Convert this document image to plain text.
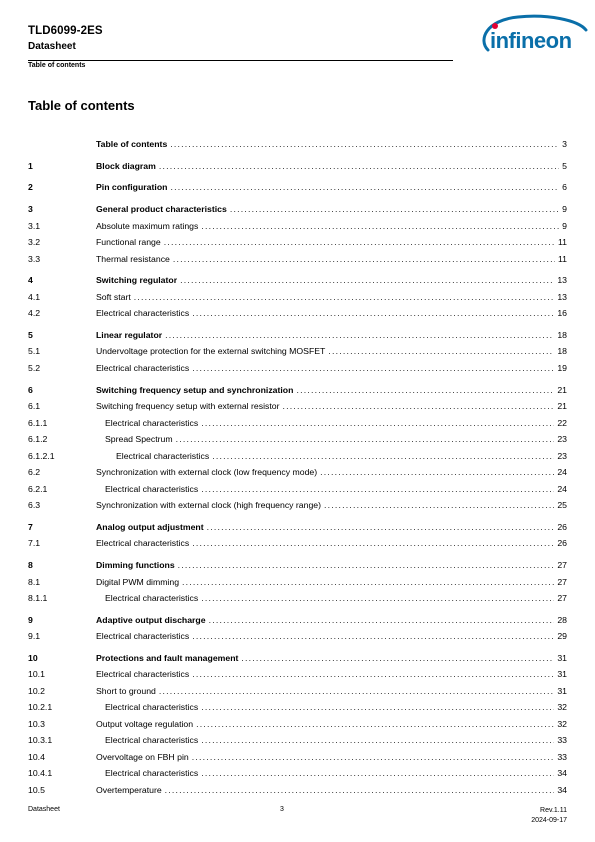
TLD6099-2ES
Datasheet
Table of contents
infineon
Table of contents
Table of contents . . .	3
1	Block diagram . . .	5
2	Pin configuration . . .	6
3	General product characteristics . . .	9
3.1	Absolute maximum ratings . . .	9
3.2	Functional range . . .	11
3.3	Thermal resistance . . .	11
4	Switching regulator . . .	13
4.1	Soft start . . .	13
4.2	Electrical characteristics . . .	16
5	Linear regulator . . .	18
5.1	Undervoltage protection for the external switching MOSFET . . .	18
5.2	Electrical characteristics . . .	19
6	Switching frequency setup and synchronization . . .	21
6.1	Switching frequency setup with external resistor . . .	21
6.1.1	Electrical characteristics . . .	22
6.1.2	Spread Spectrum . . .	23
6.1.2.1	Electrical characteristics . . .	23
6.2	Synchronization with external clock (low frequency mode) . . .	24
6.2.1	Electrical characteristics . . .	24
6.3	Synchronization with external clock (high frequency range) . . .	25
7	Analog output adjustment . . .	26
7.1	Electrical characteristics . . .	26
8	Dimming functions . . .	27
8.1	Digital PWM dimming . . .	27
8.1.1	Electrical characteristics . . .	27
9	Adaptive output discharge . . .	28
9.1	Electrical characteristics . . .	29
10	Protections and fault management . . .	31
10.1	Electrical characteristics . . .	31
10.2	Short to ground . . .	31
10.2.1	Electrical characteristics . . .	32
10.3	Output voltage regulation . . .	32
10.3.1	Electrical characteristics . . .	33
10.4	Overvoltage on FBH pin . . .	33
10.4.1	Electrical characteristics . . .	34
10.5	Overtemperature . . .	34
Datasheet	3	Rev.1.11
2024-09-17
